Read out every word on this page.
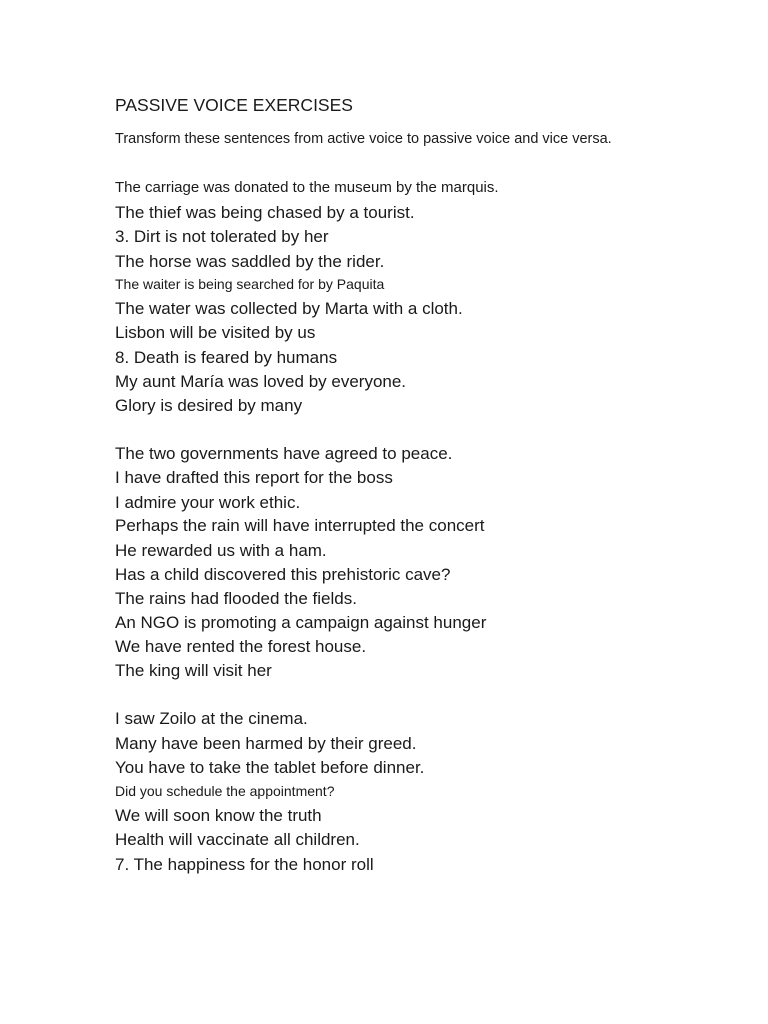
PASSIVE VOICE EXERCISES
Transform these sentences from active voice to passive voice and vice versa.
The carriage was donated to the museum by the marquis.
The thief was being chased by a tourist.
3. Dirt is not tolerated by her
The horse was saddled by the rider.
The waiter is being searched for by Paquita
The water was collected by Marta with a cloth.
Lisbon will be visited by us
8. Death is feared by humans
My aunt María was loved by everyone.
Glory is desired by many
The two governments have agreed to peace.
I have drafted this report for the boss
I admire your work ethic.
Perhaps the rain will have interrupted the concert
He rewarded us with a ham.
Has a child discovered this prehistoric cave?
The rains had flooded the fields.
An NGO is promoting a campaign against hunger
We have rented the forest house.
The king will visit her
I saw Zoilo at the cinema.
Many have been harmed by their greed.
You have to take the tablet before dinner.
Did you schedule the appointment?
We will soon know the truth
Health will vaccinate all children.
7. The happiness for the honor roll
